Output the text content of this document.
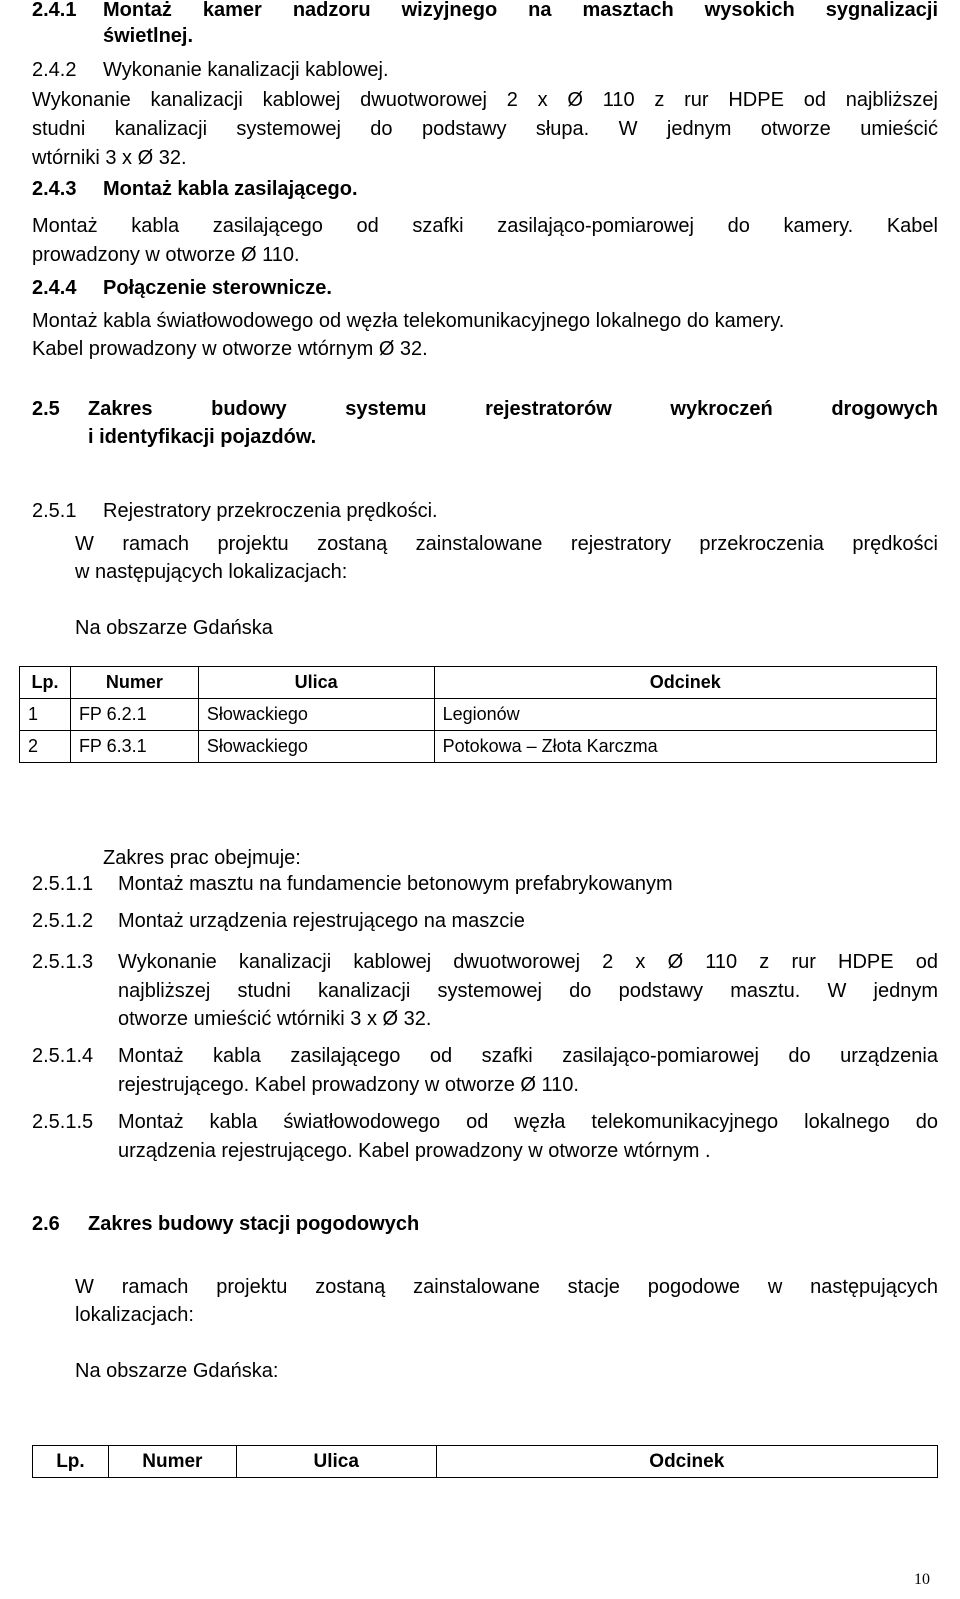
2.4.1 Montaż kamer nadzoru wizyjnego na masztach wysokich sygnalizacji
świetlnej.
2.4.2 Wykonanie kanalizacji kablowej.
Wykonanie kanalizacji kablowej dwuotworowej 2 x Ø 110 z rur HDPE od najbliższej
studni kanalizacji systemowej do podstawy słupa. W jednym otworze umieścić
wtórniki 3 x Ø 32.
2.4.3 Montaż kabla zasilającego.
Montaż kabla zasilającego od szafki zasilająco-pomiarowej do kamery. Kabel
prowadzony w otworze Ø 110.
2.4.4 Połączenie sterownicze.
Montaż kabla światłowodowego od węzła telekomunikacyjnego lokalnego do kamery.
Kabel prowadzony w otworze wtórnym Ø 32.
2.5 Zakres budowy systemu rejestratorów wykroczeń drogowych
i identyfikacji pojazdów.
2.5.1 Rejestratory przekroczenia prędkości.
W ramach projektu zostaną zainstalowane rejestratory przekroczenia prędkości
w następujących lokalizacjach:
Na obszarze Gdańska
Lp.	Numer	Ulica	Odcinek
1	FP 6.2.1	Słowackiego	Legionów
2	FP 6.3.1	Słowackiego	Potokowa – Złota Karczma
Zakres prac obejmuje:
2.5.1.1 Montaż masztu na fundamencie betonowym prefabrykowanym
2.5.1.2 Montaż urządzenia rejestrującego na maszcie
2.5.1.3 Wykonanie kanalizacji kablowej dwuotworowej 2 x Ø 110 z rur HDPE od
najbliższej studni kanalizacji systemowej do podstawy masztu. W jednym
otworze umieścić wtórniki 3 x Ø 32.
2.5.1.4 Montaż kabla zasilającego od szafki zasilająco-pomiarowej do urządzenia
rejestrującego. Kabel prowadzony w otworze Ø 110.
2.5.1.5 Montaż kabla światłowodowego od węzła telekomunikacyjnego lokalnego do
urządzenia rejestrującego. Kabel prowadzony w otworze wtórnym .
2.6 Zakres budowy stacji pogodowych
W ramach projektu zostaną zainstalowane stacje pogodowe w następujących
lokalizacjach:
Na obszarze Gdańska:
Lp.	Numer	Ulica	Odcinek
10
